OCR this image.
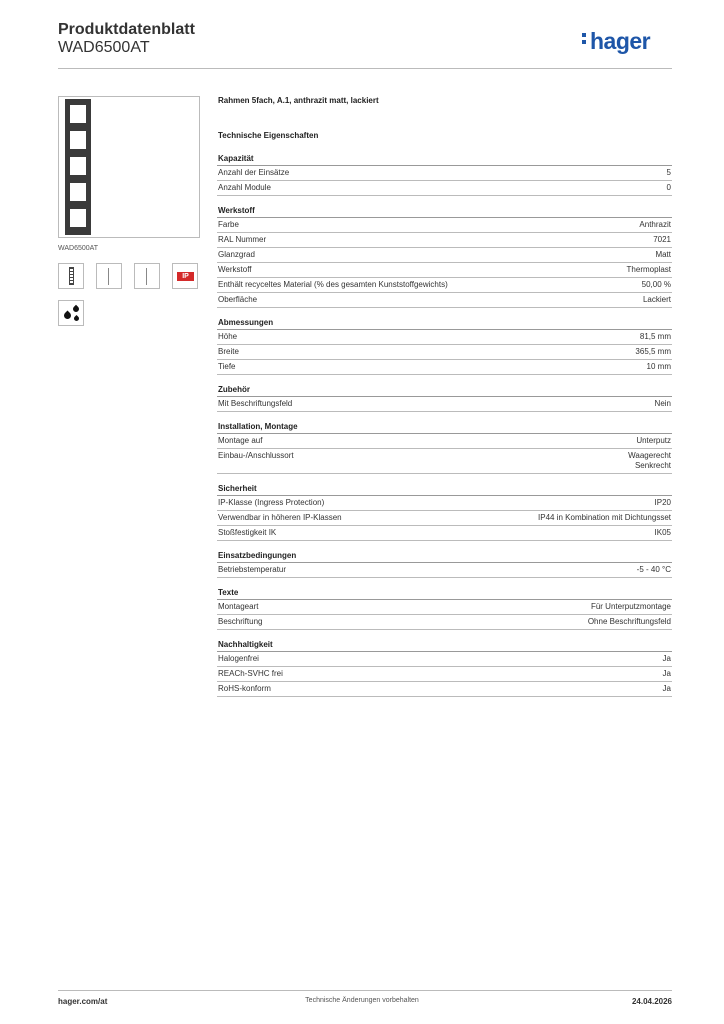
Produktdatenblatt
WAD6500AT	hager
WAD6500AT
IP
Rahmen 5fach, A.1, anthrazit matt, lackiert
Technische Eigenschaften
Kapazität
Anzahl der Einsätze	5
Anzahl Module	0
Werkstoff
Farbe	Anthrazit
RAL Nummer	7021
Glanzgrad	Matt
Werkstoff	Thermoplast
Enthält recyceltes Material (% des gesamten Kunststoffgewichts)	50,00 %
Oberfläche	Lackiert
Abmessungen
Höhe	81,5 mm
Breite	365,5 mm
Tiefe	10 mm
Zubehör
Mit Beschriftungsfeld	Nein
Installation, Montage
Montage auf	Unterputz
Einbau-/Anschlussort	Waagerecht
Senkrecht
Sicherheit
IP-Klasse (Ingress Protection)	IP20
Verwendbar in höheren IP-Klassen	IP44 in Kombination mit Dichtungsset
Stoßfestigkeit IK	IK05
Einsatzbedingungen
Betriebstemperatur	-5 - 40 °C
Texte
Montageart	Für Unterputzmontage
Beschriftung	Ohne Beschriftungsfeld
Nachhaltigkeit
Halogenfrei	Ja
REACh-SVHC frei	Ja
RoHS-konform	Ja
hager.com/at	Technische Änderungen vorbehalten	24.04.2026
